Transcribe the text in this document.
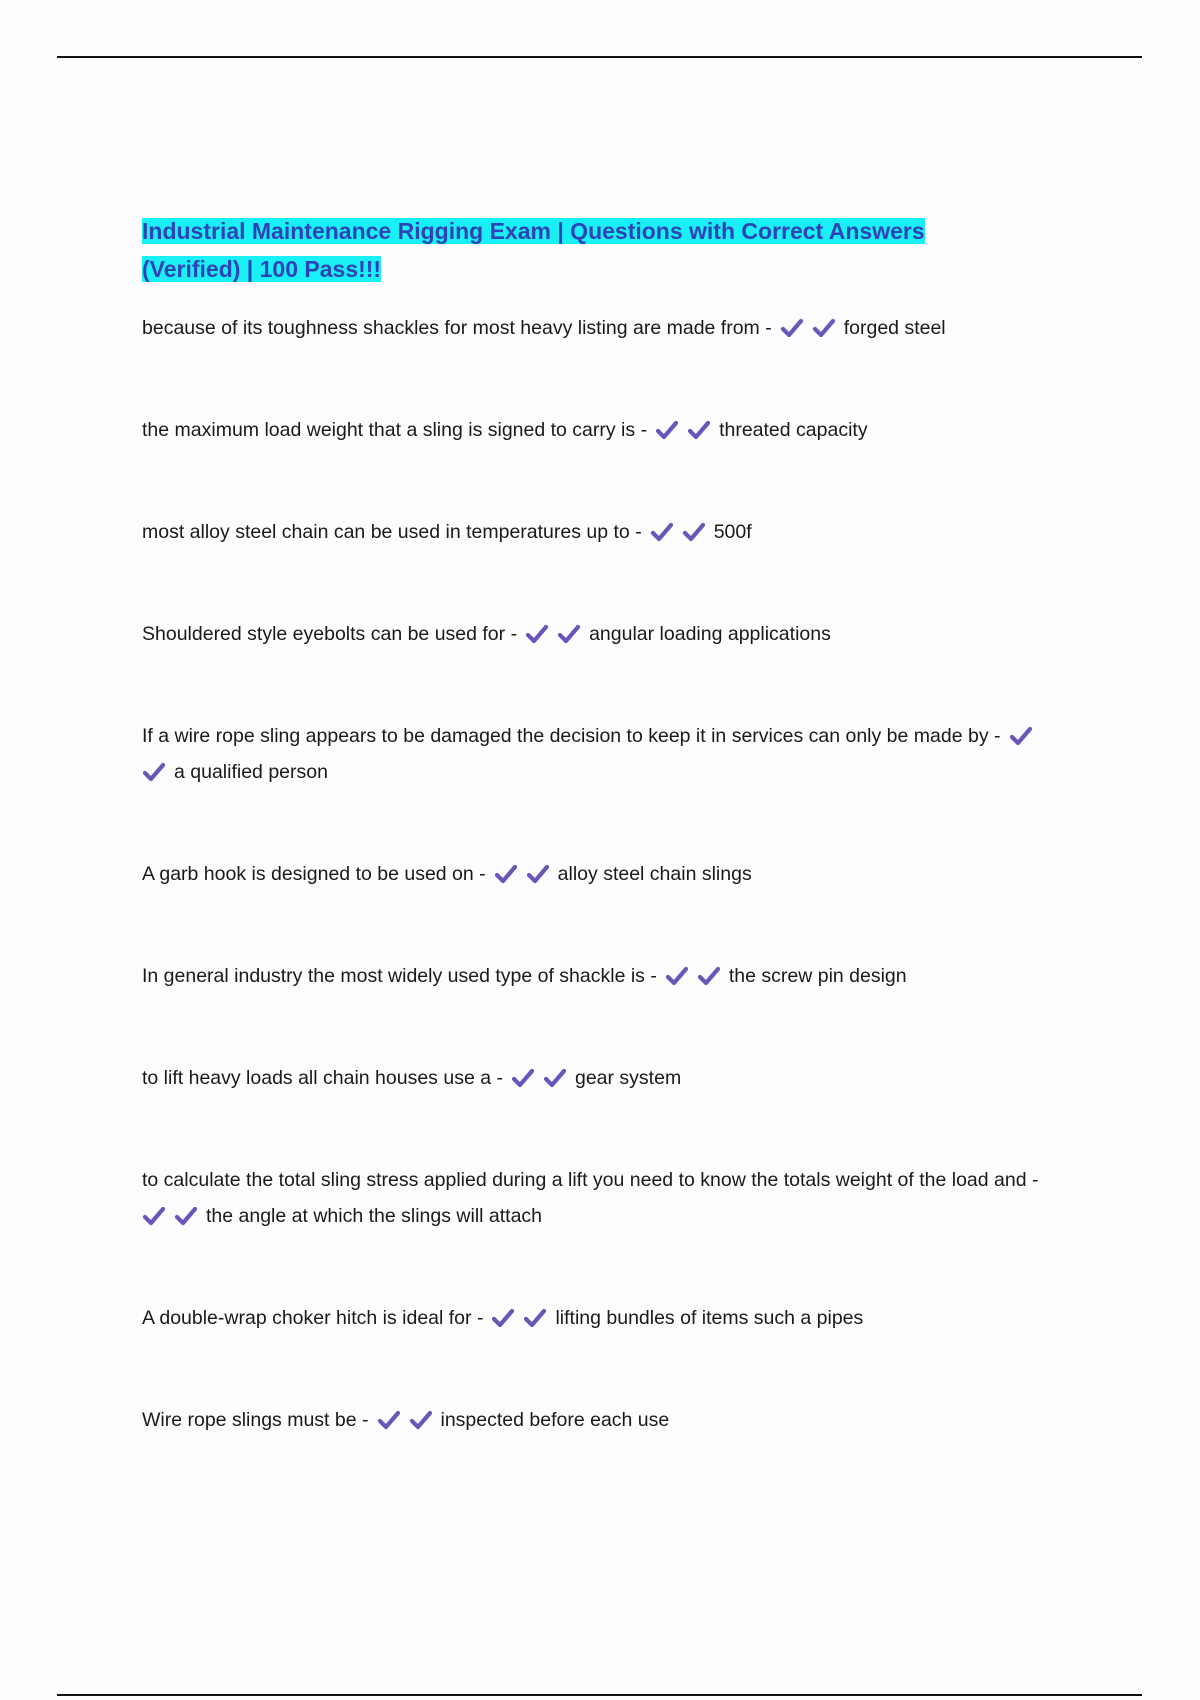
Industrial Maintenance Rigging Exam | Questions with Correct Answers
(Verified) | 100 Pass!!!

because of its toughness shackles for most heavy listing are made from -	forged steel

the maximum load weight that a sling is signed to carry is -	threated capacity

most alloy steel chain can be used in temperatures up to -	500f

Shouldered style eyebolts can be used for -	angular loading applications

If a wire rope sling appears to be damaged the decision to keep it in services can only be made by -
a qualified person

A garb hook is designed to be used on -	alloy steel chain slings

In general industry the most widely used type of shackle is -	the screw pin design

to lift heavy loads all chain houses use a -	gear system

to calculate the total sling stress applied during a lift you need to know the totals weight of the load and -
the angle at which the slings will attach

A double-wrap choker hitch is ideal for -	lifting bundles of items such a pipes

Wire rope slings must be -	inspected before each use
